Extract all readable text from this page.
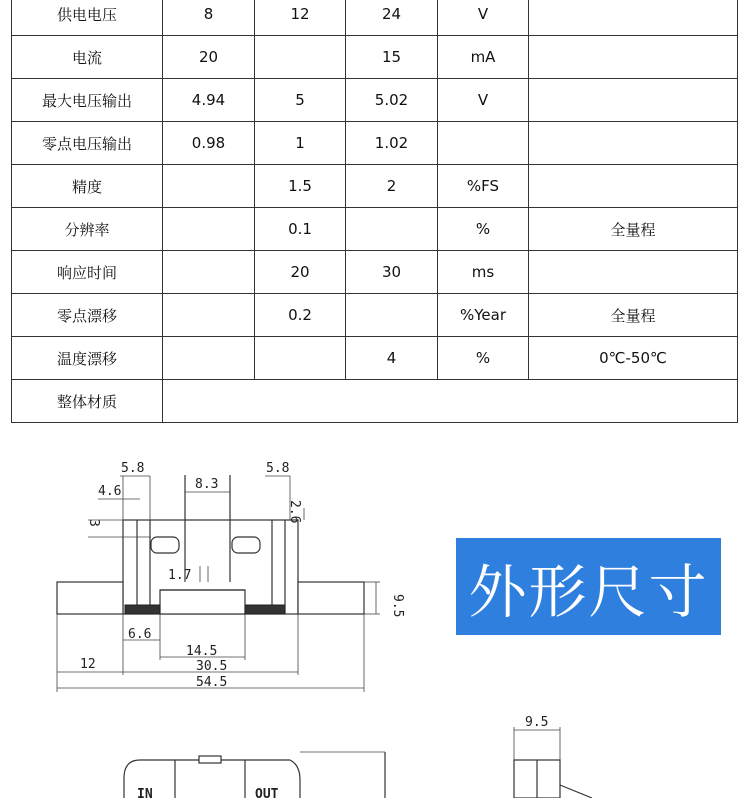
供电电压	8	12	24	V	
电流	20		15	mA	
最大电压输出	4.94	5	5.02	V	
零点电压输出	0.98	1	1.02		
精度		1.5	2	%FS	
分辨率		0.1		%	全量程
响应时间		20	30	ms	
零点漂移		0.2		%Year	全量程
温度漂移			4	%	0℃-50℃
整体材质					
5.8
8.3
5.8
4.6
2.6
3
1.7
9.5
6.6
14.5
12	30.5
54.5
IN	OUT
9.5
外形尺寸
